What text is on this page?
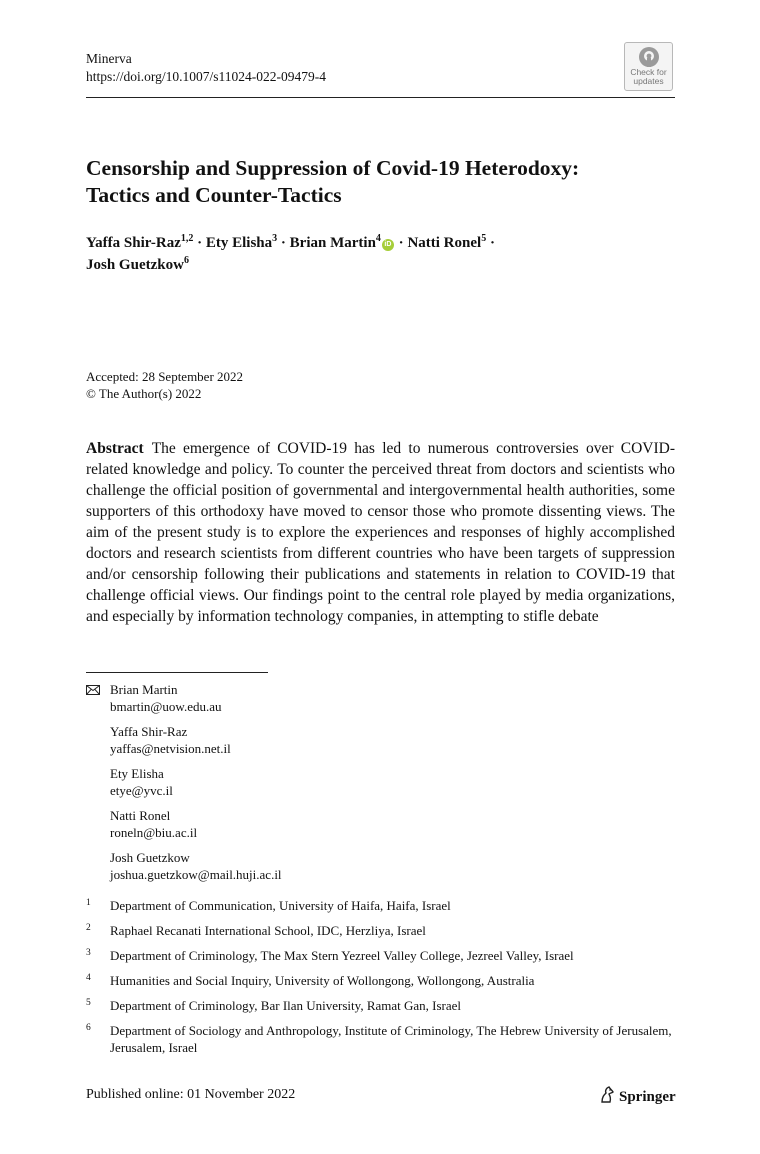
Minerva
https://doi.org/10.1007/s11024-022-09479-4	Check for
updates
Censorship and Suppression of Covid-19 Heterodoxy:
Tactics and Counter-Tactics
Yaffa Shir-Raz$^{1,2}$ · Ety Elisha$^3$ · Brian Martin$^4$iD · Natti Ronel$^5$ ·
Josh Guetzkow$^6$
Accepted: 28 September 2022
© The Author(s) 2022
Abstract The emergence of COVID-19 has led to numerous controversies over COVID-related knowledge and policy. To counter the perceived threat from doctors and scientists who challenge the official position of governmental and intergovernmental health authorities, some supporters of this orthodoxy have moved to censor those who promote dissenting views. The aim of the present study is to explore the experiences and responses of highly accomplished doctors and research scientists from different countries who have been targets of suppression and/or censorship following their publications and statements in relation to COVID-19 that challenge official views. Our findings point to the central role played by media organizations, and especially by information technology companies, in attempting to stifle debate
Brian Martin
bmartin@uow.edu.au
Yaffa Shir-Raz
yaffas@netvision.net.il
Ety Elisha
etye@yvc.il
Natti Ronel
roneln@biu.ac.il
Josh Guetzkow
joshua.guetzkow@mail.huji.ac.il
1 Department of Communication, University of Haifa, Haifa, Israel
2 Raphael Recanati International School, IDC, Herzliya, Israel
3 Department of Criminology, The Max Stern Yezreel Valley College, Jezreel Valley, Israel
4 Humanities and Social Inquiry, University of Wollongong, Wollongong, Australia
5 Department of Criminology, Bar Ilan University, Ramat Gan, Israel
6 Department of Sociology and Anthropology, Institute of Criminology, The Hebrew University of Jerusalem, Jerusalem, Israel
Published online: 01 November 2022	Springer
